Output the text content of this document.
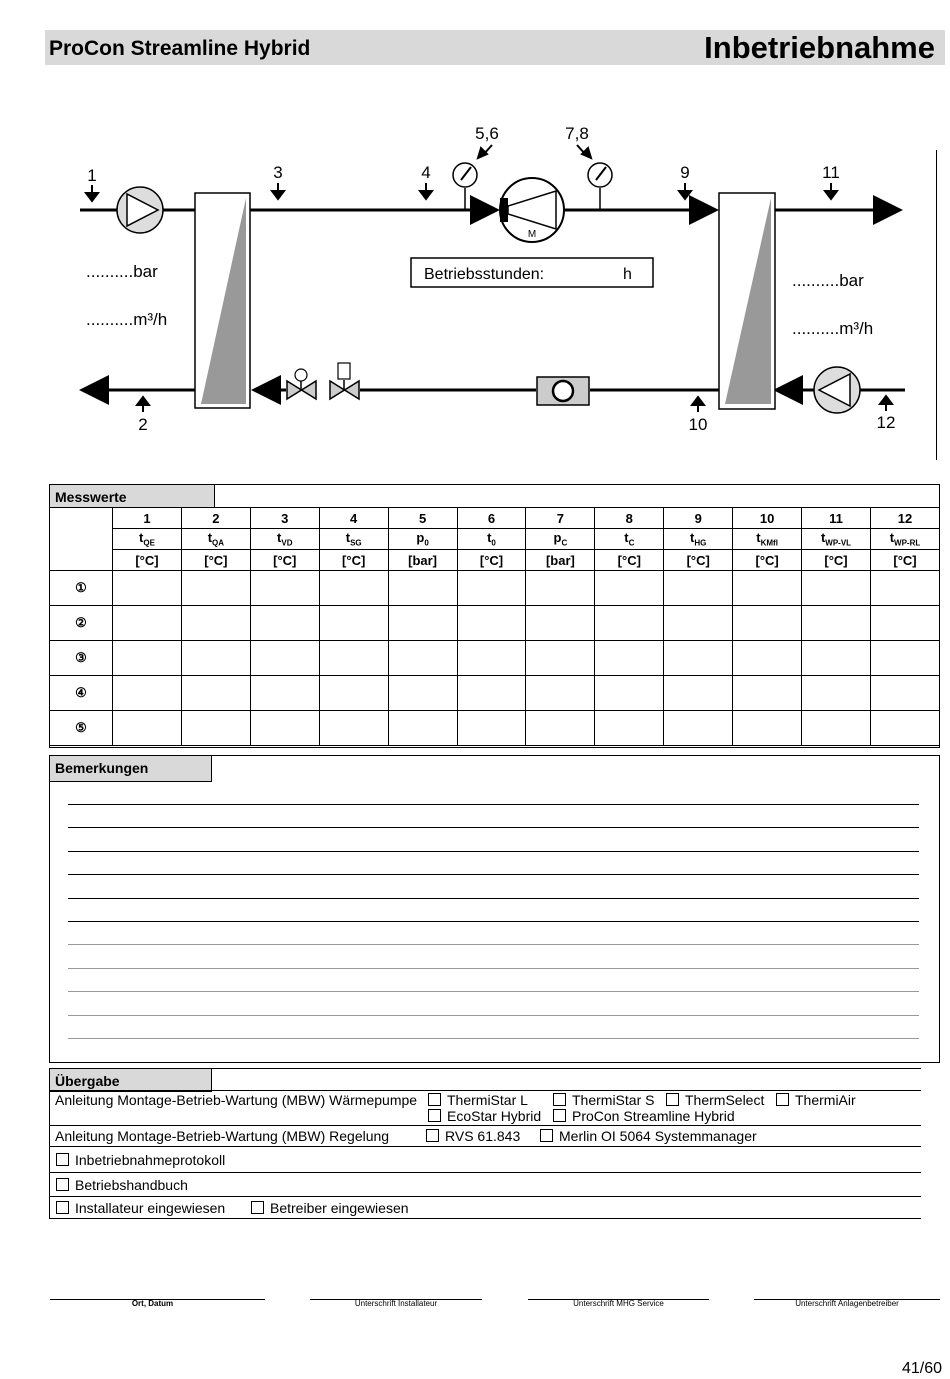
ProCon Streamline Hybrid	Inbetriebnahme
M
Betriebsstunden:	h
..........bar
..........m³/h
..........bar
..........m³/h
1
2
3	4
5,6	7,8
9
10
11
12
Messwerte
	1	2	3	4	5	6	7	8	9	10	11	12
	$t_{QE}$	$t_{QA}$	$t_{VD}$	$t_{SG}$	$p_0$	$t_0$	$p_C$	$t_C$	$t_{HG}$	$t_{KMfl}$	$t_{WP-VL}$	$t_{WP-RL}$
	[°C]	[°C]	[°C]	[°C]	[bar]	[°C]	[bar]	[°C]	[°C]	[°C]	[°C]	[°C]
①												
②												
③												
④												
⑤												
Bemerkungen
Übergabe
Anleitung Montage-Betrieb-Wartung (MBW) Wärmepumpe	ThermiStar L	ThermiStar S	ThermSelect	ThermiAir
EcoStar Hybrid	ProCon Streamline Hybrid
Anleitung Montage-Betrieb-Wartung (MBW) Regelung	RVS 61.843	Merlin OI 5064 Systemmanager
Inbetriebnahmeprotokoll
Betriebshandbuch
Installateur eingewiesen	Betreiber eingewiesen
Ort, Datum	Unterschrift Installateur	Unterschrift MHG Service	Unterschrift Anlagenbetreiber
41/60
